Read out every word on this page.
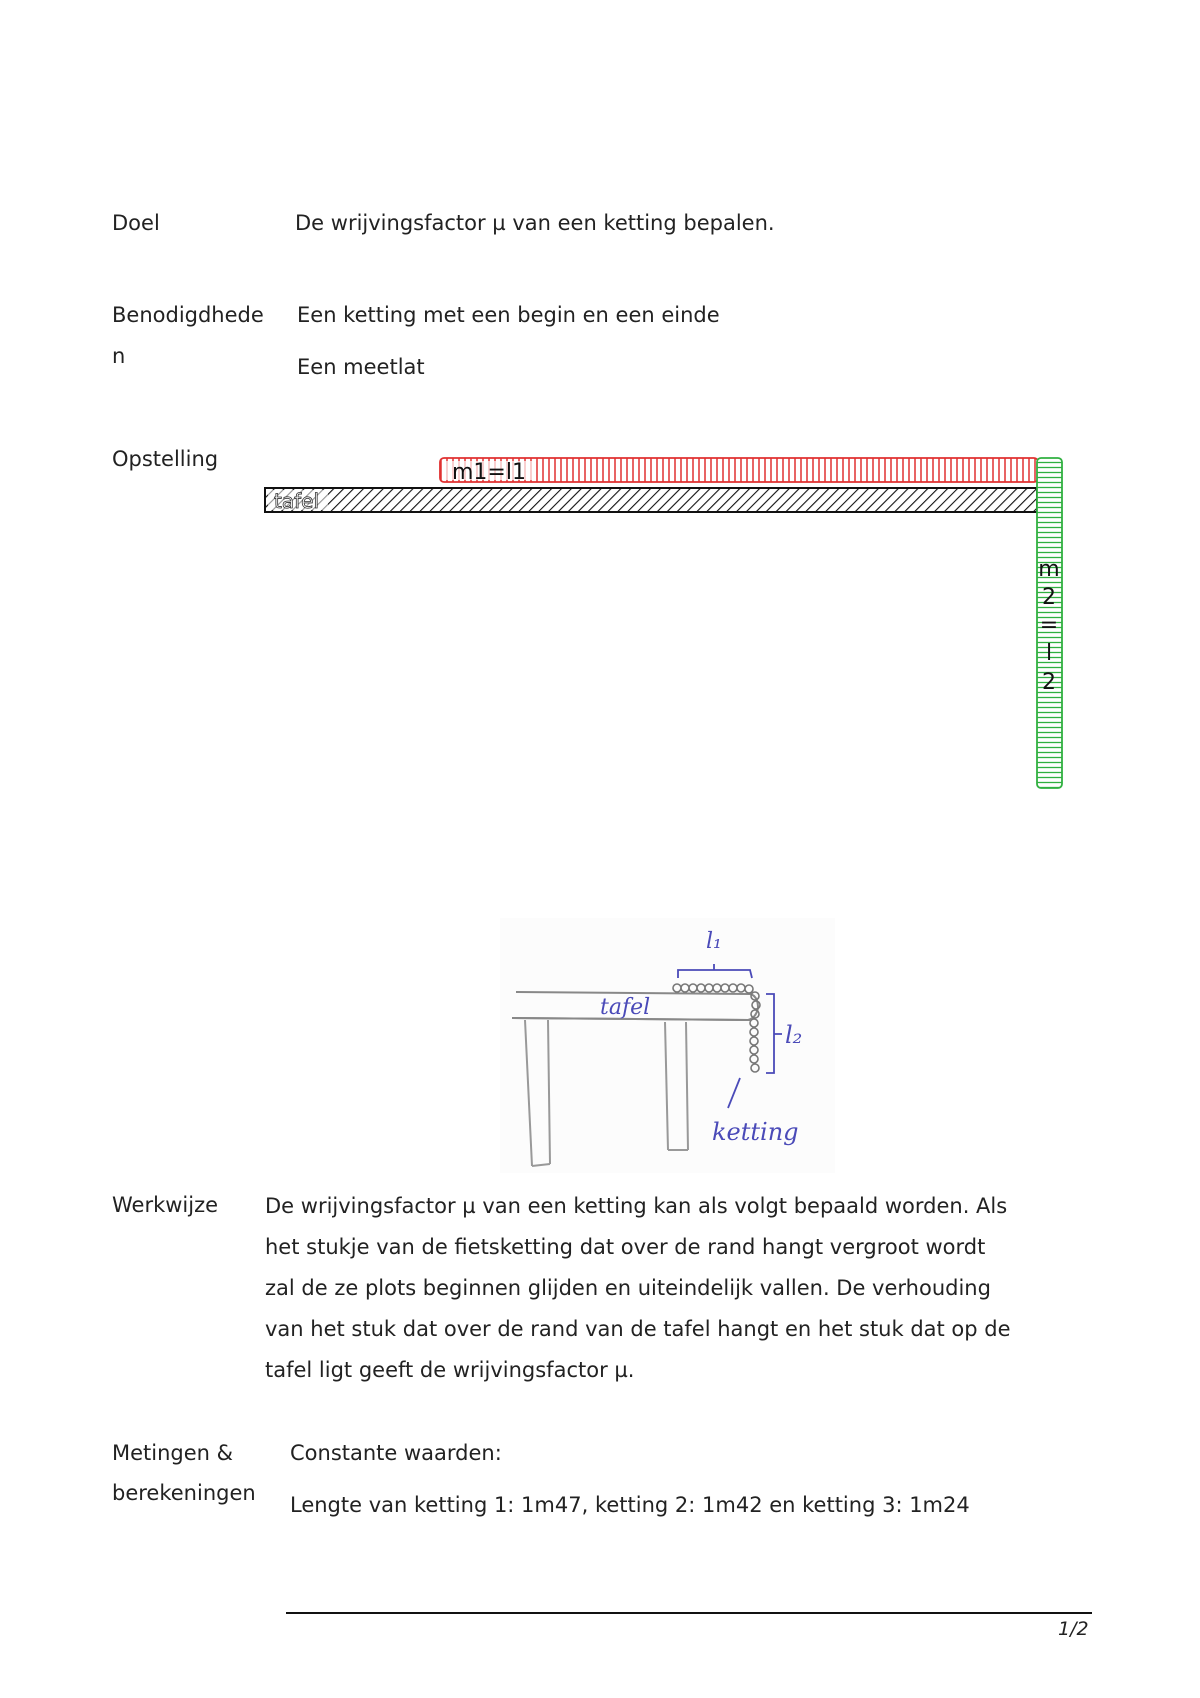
Doel	De wrijvingsfactor µ van een ketting bepalen.
Benodigdhede
n
Een ketting met een begin en een einde
Een meetlat
Opstelling
tafel
m1=l1
m
2
=
l
2
l₁
l₂
tafel
ketting
Werkwijze De wrijvingsfactor µ van een ketting kan als volgt bepaald worden. Als
het stukje van de fietsketting dat over de rand hangt vergroot wordt
zal de ze plots beginnen glijden en uiteindelijk vallen. De verhouding
van het stuk dat over de rand van de tafel hangt en het stuk dat op de
tafel ligt geeft de wrijvingsfactor µ.
Metingen &
berekeningen
Constante waarden:
Lengte van ketting 1: 1m47, ketting 2: 1m42 en ketting 3: 1m24
1/2
